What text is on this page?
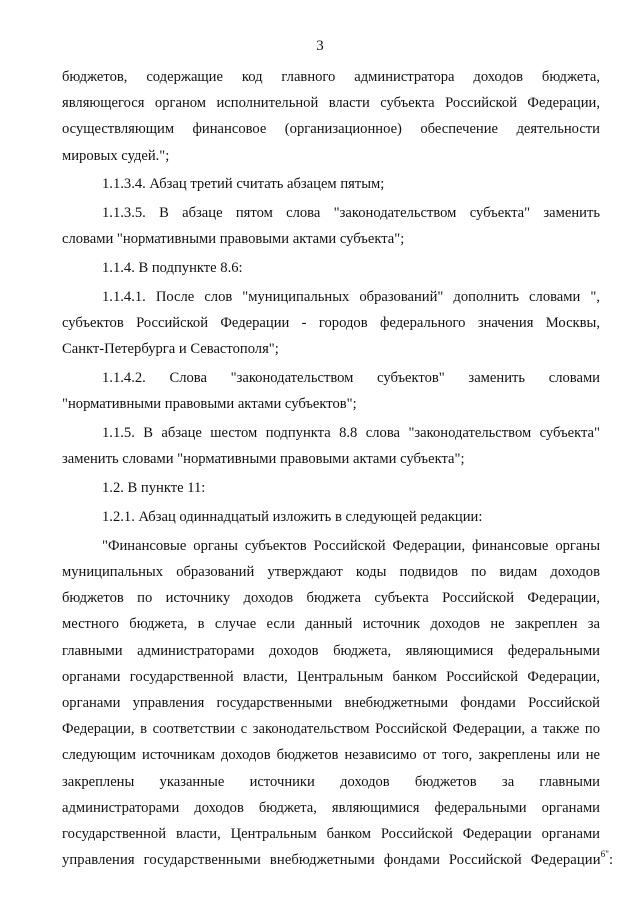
3
бюджетов, содержащие код главного администратора доходов бюджета,
являющегося органом исполнительной власти субъекта Российской Федерации,
осуществляющим финансовое (организационное) обеспечение деятельности
мировых судей.";
1.1.3.4. Абзац третий считать абзацем пятым;
1.1.3.5. В абзаце пятом слова "законодательством субъекта" заменить
словами "нормативными правовыми актами субъекта";
1.1.4. В подпункте 8.6:
1.1.4.1. После слов "муниципальных образований" дополнить словами ",
субъектов Российской Федерации - городов федерального значения Москвы,
Санкт-Петербурга и Севастополя";
1.1.4.2. Слова "законодательством субъектов" заменить словами
"нормативными правовыми актами субъектов";
1.1.5. В абзаце шестом подпункта 8.8 слова "законодательством субъекта"
заменить словами "нормативными правовыми актами субъекта";
1.2. В пункте 11:
1.2.1. Абзац одиннадцатый изложить в следующей редакции:
"Финансовые органы субъектов Российской Федерации, финансовые органы
муниципальных образований утверждают коды подвидов по видам доходов
бюджетов по источнику доходов бюджета субъекта Российской Федерации,
местного бюджета, в случае если данный источник доходов не закреплен за
главными администраторами доходов бюджета, являющимися федеральными
органами государственной власти, Центральным банком Российской Федерации,
органами управления государственными внебюджетными фондами Российской
Федерации, в соответствии с законодательством Российской Федерации, а также по
следующим источникам доходов бюджетов независимо от того, закреплены или не
закреплены указанные источники доходов бюджетов за главными
администраторами доходов бюджета, являющимися федеральными органами
государственной власти, Центральным банком Российской Федерации органами
управления государственными внебюджетными фондами Российской Федерации$^{6"}$:
